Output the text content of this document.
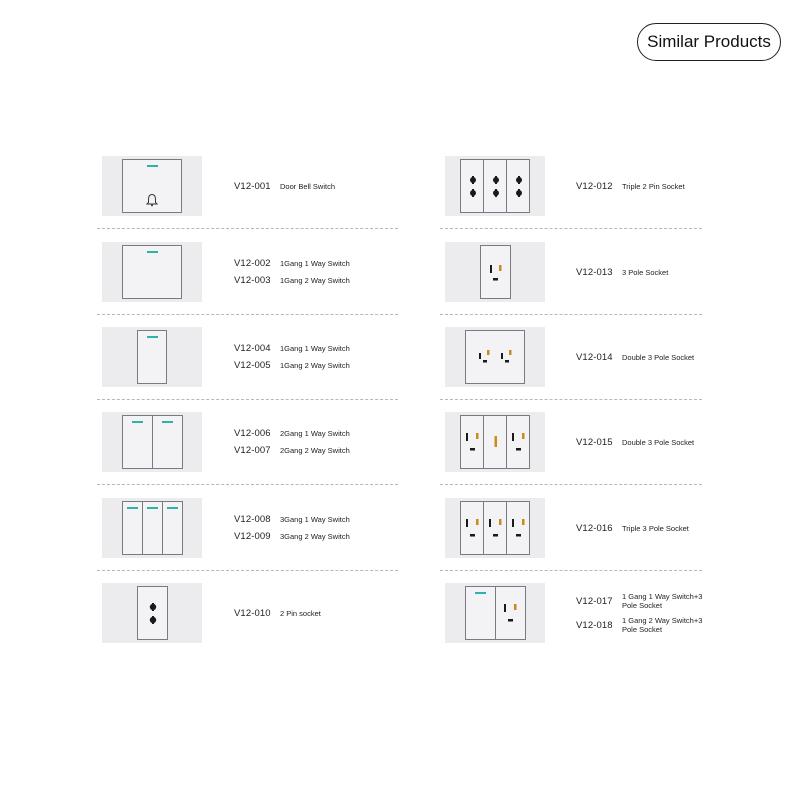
Similar Products
V12-001	Door Bell Switch
V12-002	1Gang 1 Way Switch
V12-003	1Gang 2 Way Switch
V12-004	1Gang 1 Way Switch
V12-005	1Gang 2 Way Switch
V12-006	2Gang 1 Way Switch
V12-007	2Gang 2 Way Switch
V12-008	3Gang 1 Way Switch
V12-009	3Gang 2 Way Switch
V12-010	2 Pin socket
V12-012	Triple 2 Pin Socket
V12-013	3 Pole Socket
V12-014	Double 3 Pole Socket
V12-015	Double 3 Pole Socket
V12-016	Triple 3 Pole Socket
V12-017	1 Gang 1 Way Switch+3 Pole Socket
V12-018	1 Gang 2 Way Switch+3 Pole Socket
